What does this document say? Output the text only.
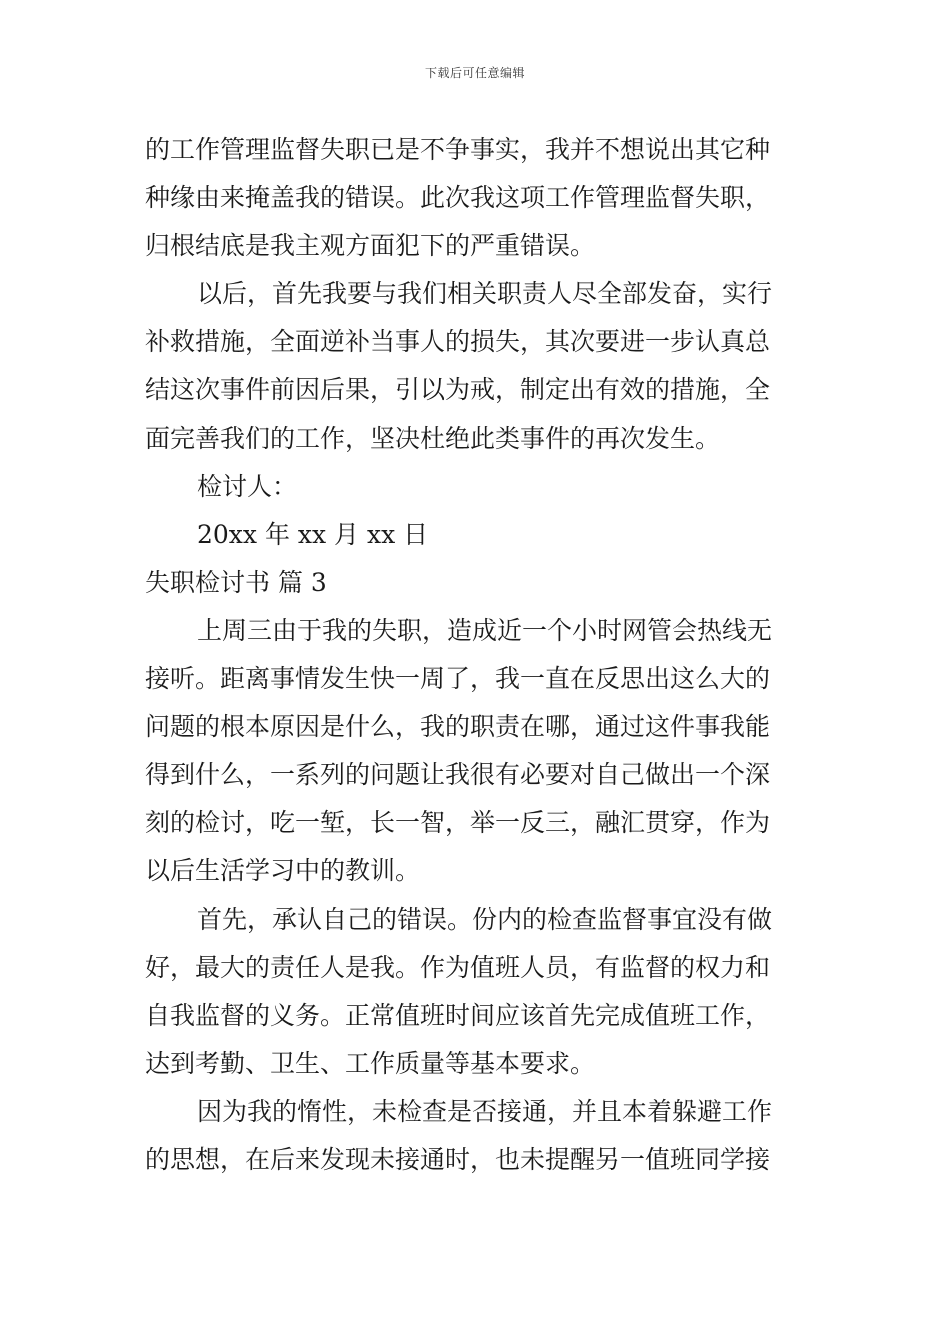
下载后可任意编辑
的工作管理监督失职已是不争事实，我并不想说出其它种
种缘由来掩盖我的错误。此次我这项工作管理监督失职，
归根结底是我主观方面犯下的严重错误。
以后，首先我要与我们相关职责人尽全部发奋，实行
补救措施，全面逆补当事人的损失，其次要进一步认真总
结这次事件前因后果，引以为戒，制定出有效的措施，全
面完善我们的工作，坚决杜绝此类事件的再次发生。
检讨人：
20xx 年 xx 月 xx 日
失职检讨书 篇 3
上周三由于我的失职，造成近一个小时网管会热线无
接听。距离事情发生快一周了，我一直在反思出这么大的
问题的根本原因是什么，我的职责在哪，通过这件事我能
得到什么，一系列的问题让我很有必要对自己做出一个深
刻的检讨，吃一堑，长一智，举一反三，融汇贯穿，作为
以后生活学习中的教训。
首先，承认自己的错误。份内的检查监督事宜没有做
好，最大的责任人是我。作为值班人员，有监督的权力和
自我监督的义务。正常值班时间应该首先完成值班工作，
达到考勤、卫生、工作质量等基本要求。
因为我的惰性，未检查是否接通，并且本着躲避工作
的思想，在后来发现未接通时，也未提醒另一值班同学接
